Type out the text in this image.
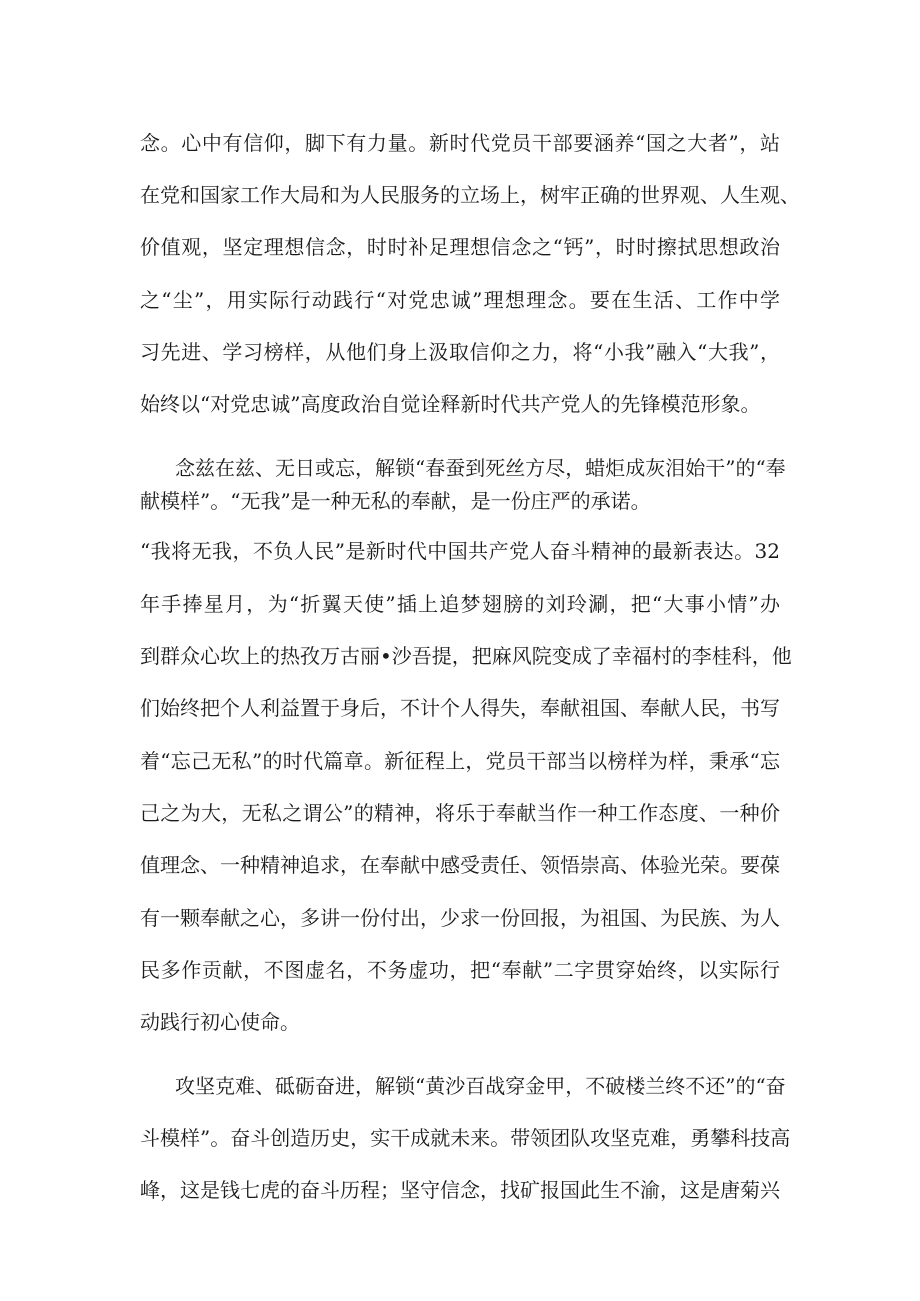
念。心中有信仰，脚下有力量。新时代党员干部要涵养“国之大者”，站
在党和国家工作大局和为人民服务的立场上，树牢正确的世界观、人生观、
价值观，坚定理想信念，时时补足理想信念之“钙”，时时擦拭思想政治
之“尘”，用实际行动践行“对党忠诚”理想理念。要在生活、工作中学
习先进、学习榜样，从他们身上汲取信仰之力，将“小我”融入“大我”，
始终以“对党忠诚”高度政治自觉诠释新时代共产党人的先锋模范形象。
念兹在兹、无日或忘，解锁“春蚕到死丝方尽，蜡炬成灰泪始干”的“奉
献模样”。“无我”是一种无私的奉献，是一份庄严的承诺。
“我将无我，不负人民”是新时代中国共产党人奋斗精神的最新表达。32
年手捧星月，为“折翼天使”插上追梦翅膀的刘玲涮，把“大事小情”办
到群众心坎上的热孜万古丽•沙吾提，把麻风院变成了幸福村的李桂科，他
们始终把个人利益置于身后，不计个人得失，奉献祖国、奉献人民，书写
着“忘己无私”的时代篇章。新征程上，党员干部当以榜样为样，秉承“忘
己之为大，无私之谓公”的精神，将乐于奉献当作一种工作态度、一种价
值理念、一种精神追求，在奉献中感受责任、领悟崇高、体验光荣。要葆
有一颗奉献之心，多讲一份付出，少求一份回报，为祖国、为民族、为人
民多作贡献，不图虚名，不务虚功，把“奉献”二字贯穿始终，以实际行
动践行初心使命。
攻坚克难、砥砺奋进，解锁“黄沙百战穿金甲，不破楼兰终不还”的“奋
斗模样”。奋斗创造历史，实干成就未来。带领团队攻坚克难，勇攀科技高
峰，这是钱七虎的奋斗历程；坚守信念，找矿报国此生不渝，这是唐菊兴
